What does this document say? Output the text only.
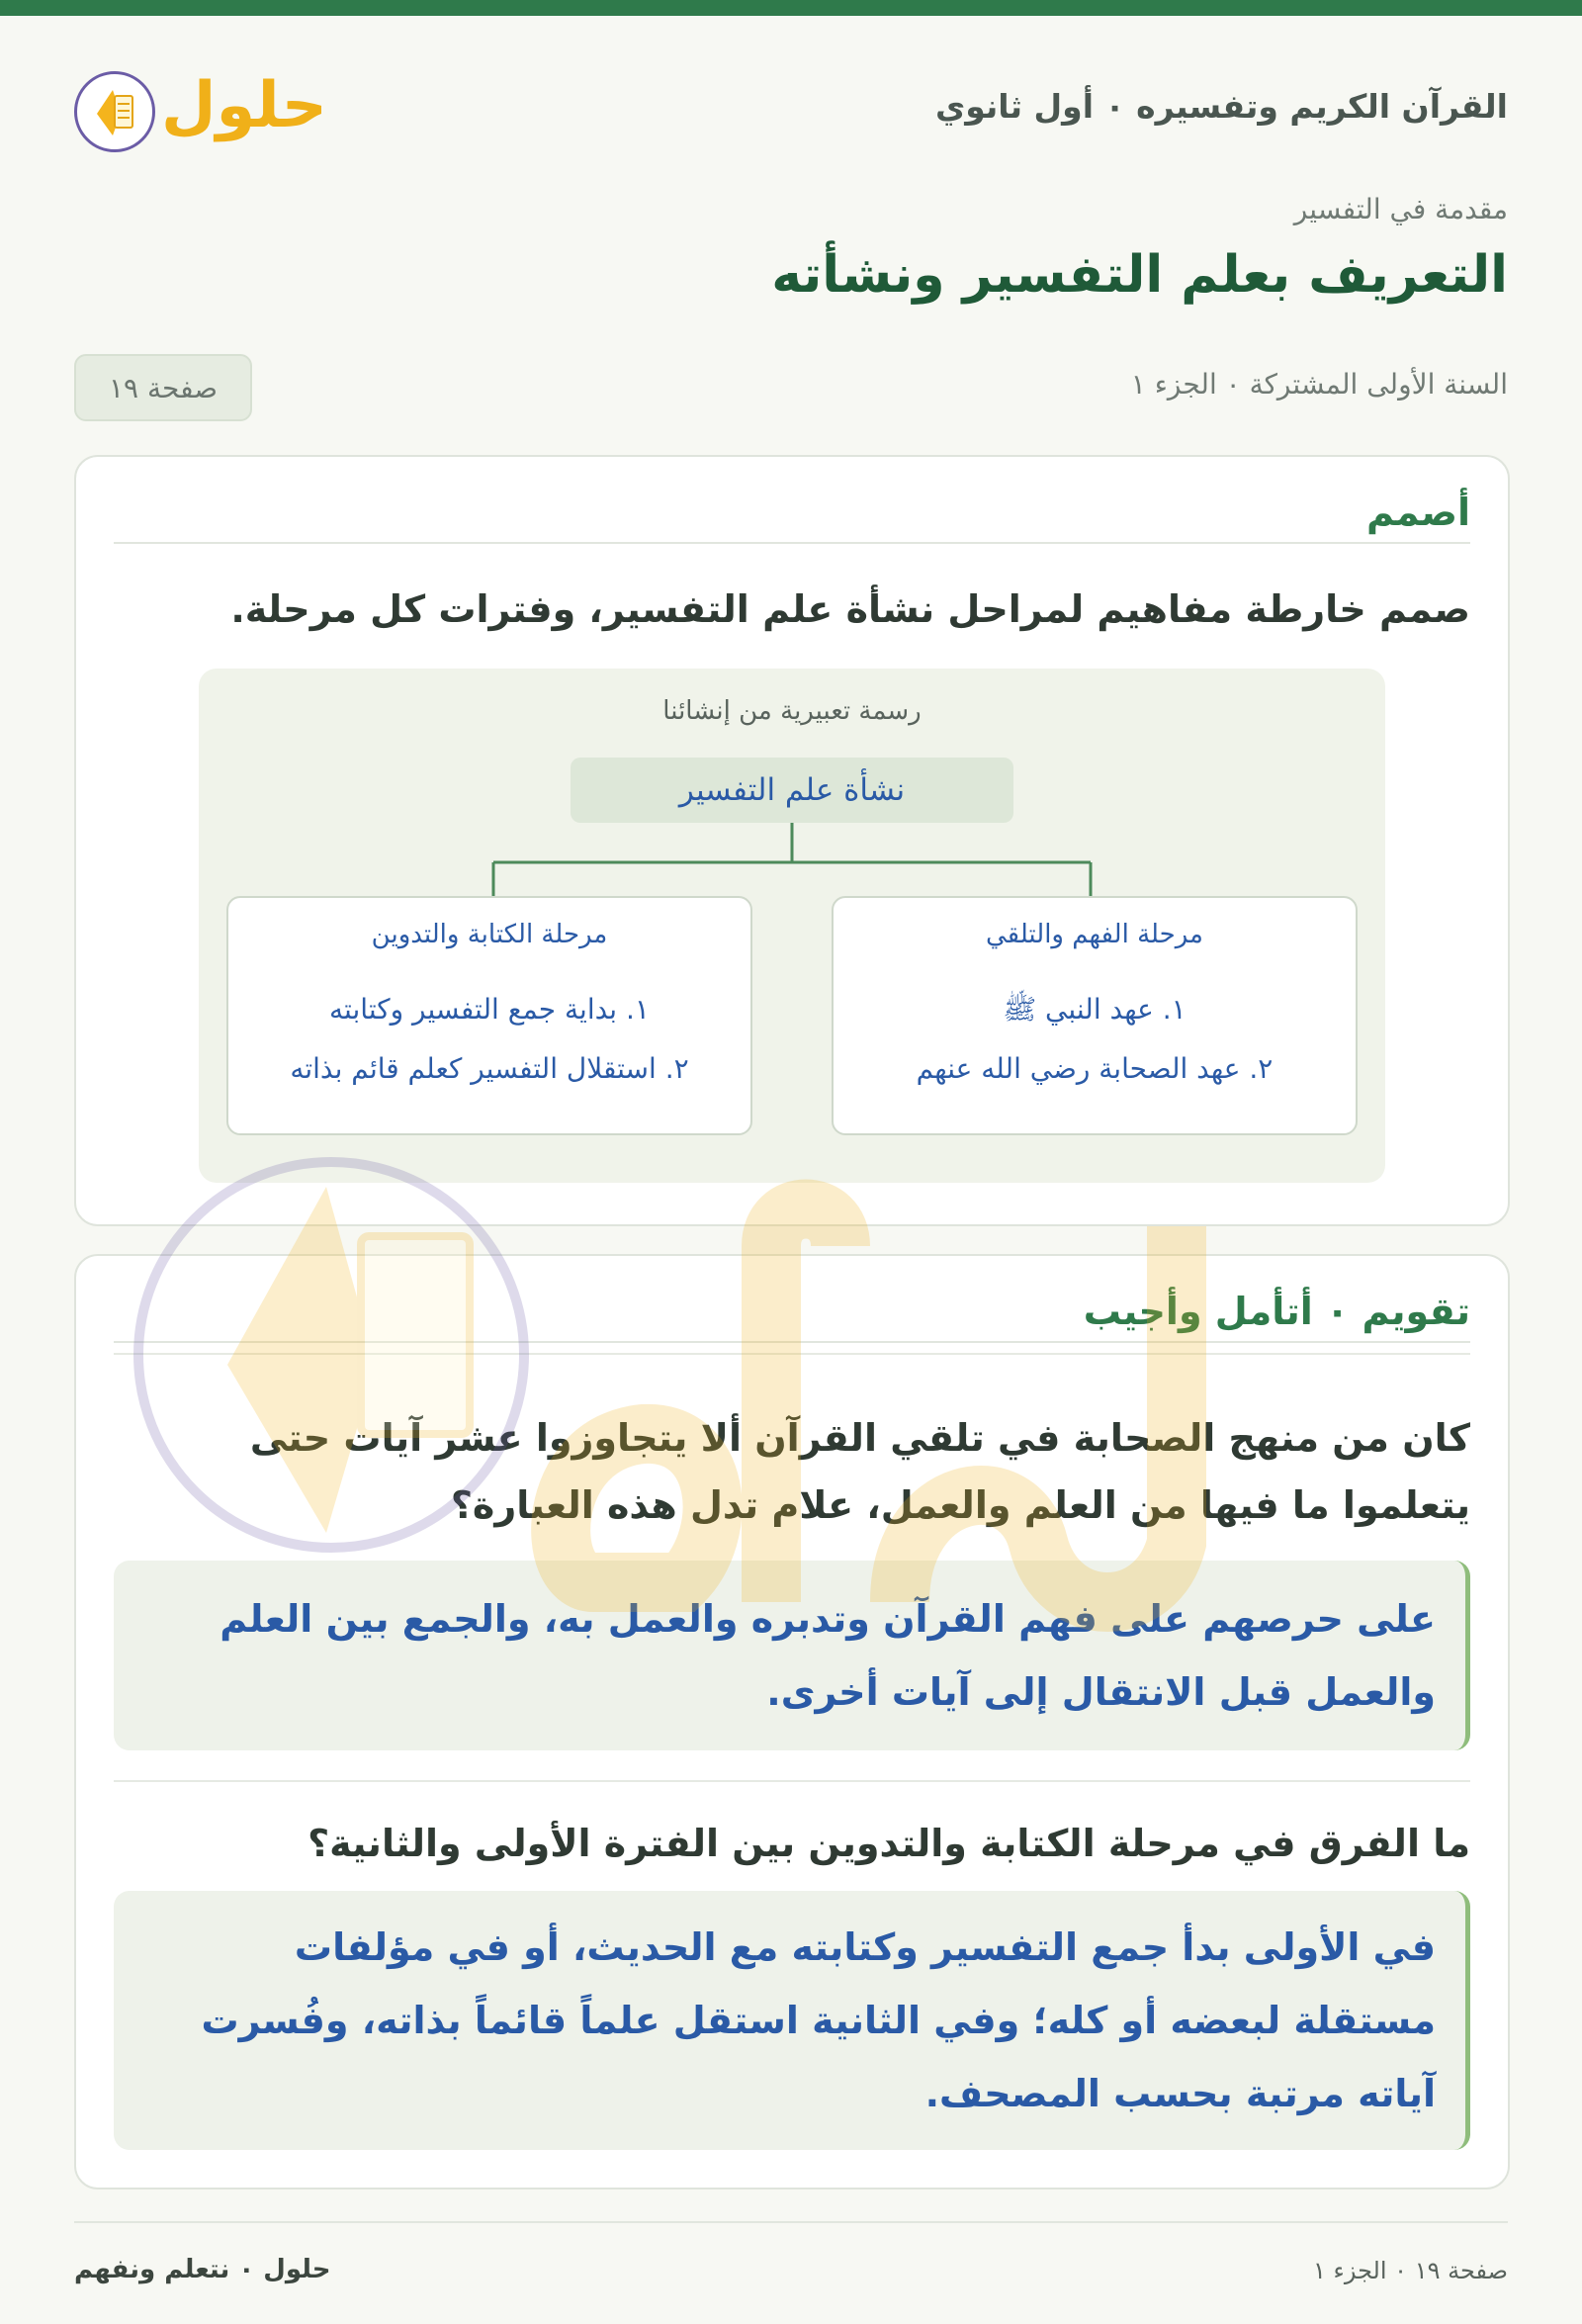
القرآن الكريم وتفسيره ٠ أول ثانوي
حلول
مقدمة في التفسير
التعريف بعلم التفسير ونشأته
السنة الأولى المشتركة ٠ الجزء ١
صفحة ١٩
أصمم

صمم خارطة مفاهيم لمراحل نشأة علم التفسير، وفترات كل مرحلة.

رسمة تعبيرية من إنشائنا
نشأة علم التفسير
مرحلة الفهم والتلقي
١. عهد النبي ﷺ
٢. عهد الصحابة رضي الله عنهم
مرحلة الكتابة والتدوين
١. بداية جمع التفسير وكتابته
٢. استقلال التفسير كعلم قائم بذاته
تقويم ٠ أتأمل وأجيب

كان من منهج الصحابة في تلقي القرآن ألا يتجاوزوا عشر آيات حتى يتعلموا ما فيها من العلم والعمل، علام تدل هذه العبارة؟

على حرصهم على فهم القرآن وتدبره والعمل به، والجمع بين العلم والعمل قبل الانتقال إلى آيات أخرى.

ما الفرق في مرحلة الكتابة والتدوين بين الفترة الأولى والثانية؟

في الأولى بدأ جمع التفسير وكتابته مع الحديث، أو في مؤلفات مستقلة لبعضه أو كله؛ وفي الثانية استقل علماً قائماً بذاته، وفُسرت آياته مرتبة بحسب المصحف.

صفحة ١٩ ٠ الجزء ١
حلول ٠ نتعلم ونفهم
